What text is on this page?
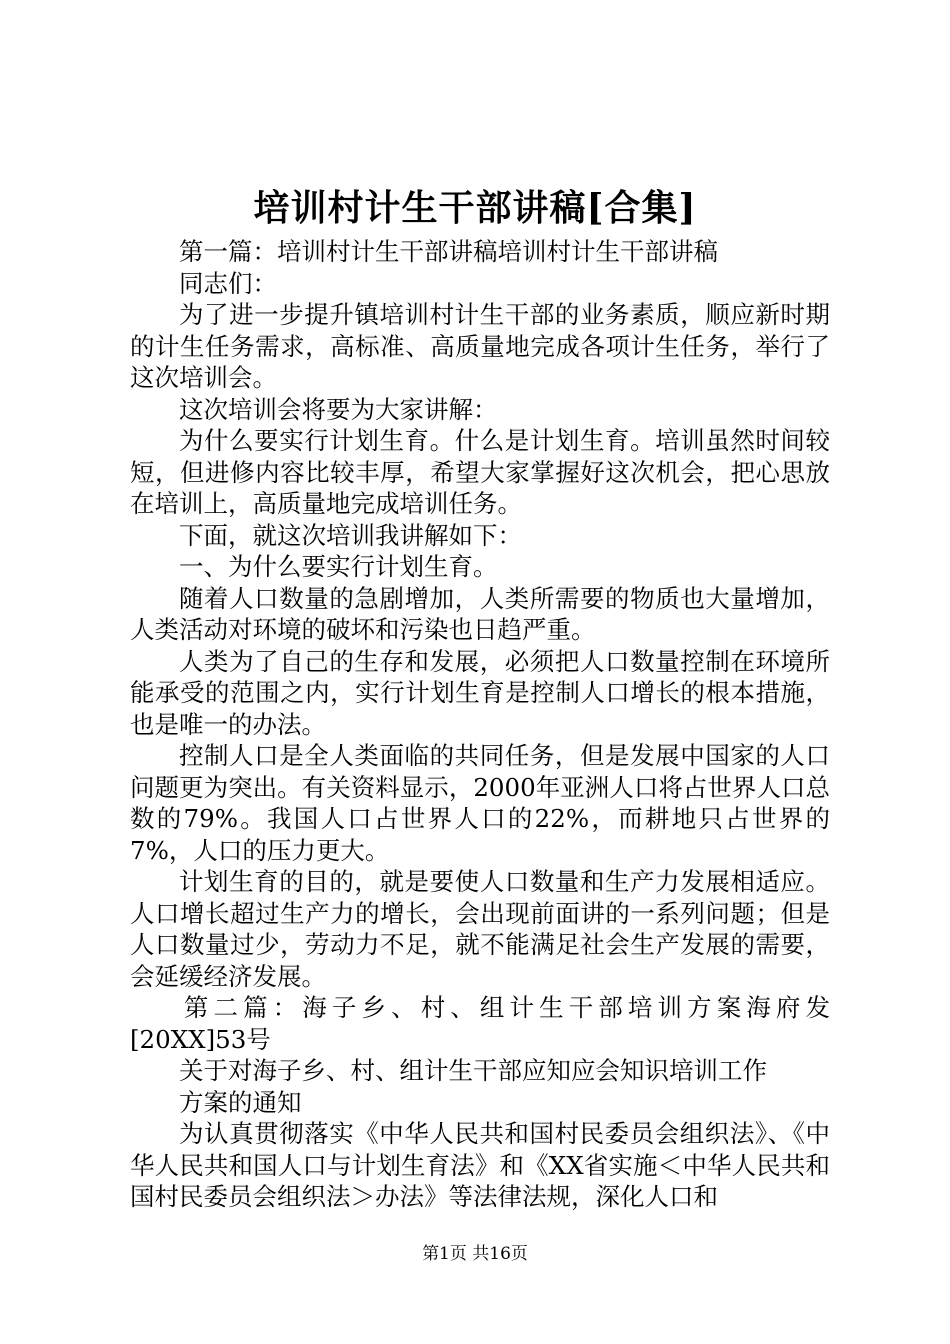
培训村计生干部讲稿[合集]

第一篇：培训村计生干部讲稿培训村计生干部讲稿

同志们：

为了进一步提升镇培训村计生干部的业务素质，顺应新时期的计生任务需求，高标准、高质量地完成各项计生任务，举行了这次培训会。

这次培训会将要为大家讲解：

为什么要实行计划生育。什么是计划生育。培训虽然时间较短，但进修内容比较丰厚，希望大家掌握好这次机会，把心思放在培训上，高质量地完成培训任务。

下面，就这次培训我讲解如下：

一、为什么要实行计划生育。

随着人口数量的急剧增加，人类所需要的物质也大量增加，人类活动对环境的破坏和污染也日趋严重。

人类为了自己的生存和发展，必须把人口数量控制在环境所能承受的范围之内，实行计划生育是控制人口增长的根本措施，也是唯一的办法。

控制人口是全人类面临的共同任务，但是发展中国家的人口问题更为突出。有关资料显示，2000年亚洲人口将占世界人口总数的79%。我国人口占世界人口的22%，而耕地只占世界的7%，人口的压力更大。

计划生育的目的，就是要使人口数量和生产力发展相适应。人口增长超过生产力的增长，会出现前面讲的一系列问题；但是人口数量过少，劳动力不足，就不能满足社会生产发展的需要，会延缓经济发展。

第二篇：海子乡、村、组计生干部培训方案海府发[20XX]53号

关于对海子乡、村、组计生干部应知应会知识培训工作

方案的通知

为认真贯彻落实《中华人民共和国村民委员会组织法》、《中华人民共和国人口与计划生育法》和《XX省实施＜中华人民共和国村民委员会组织法＞办法》等法律法规，深化人口和

第1页 共16页
